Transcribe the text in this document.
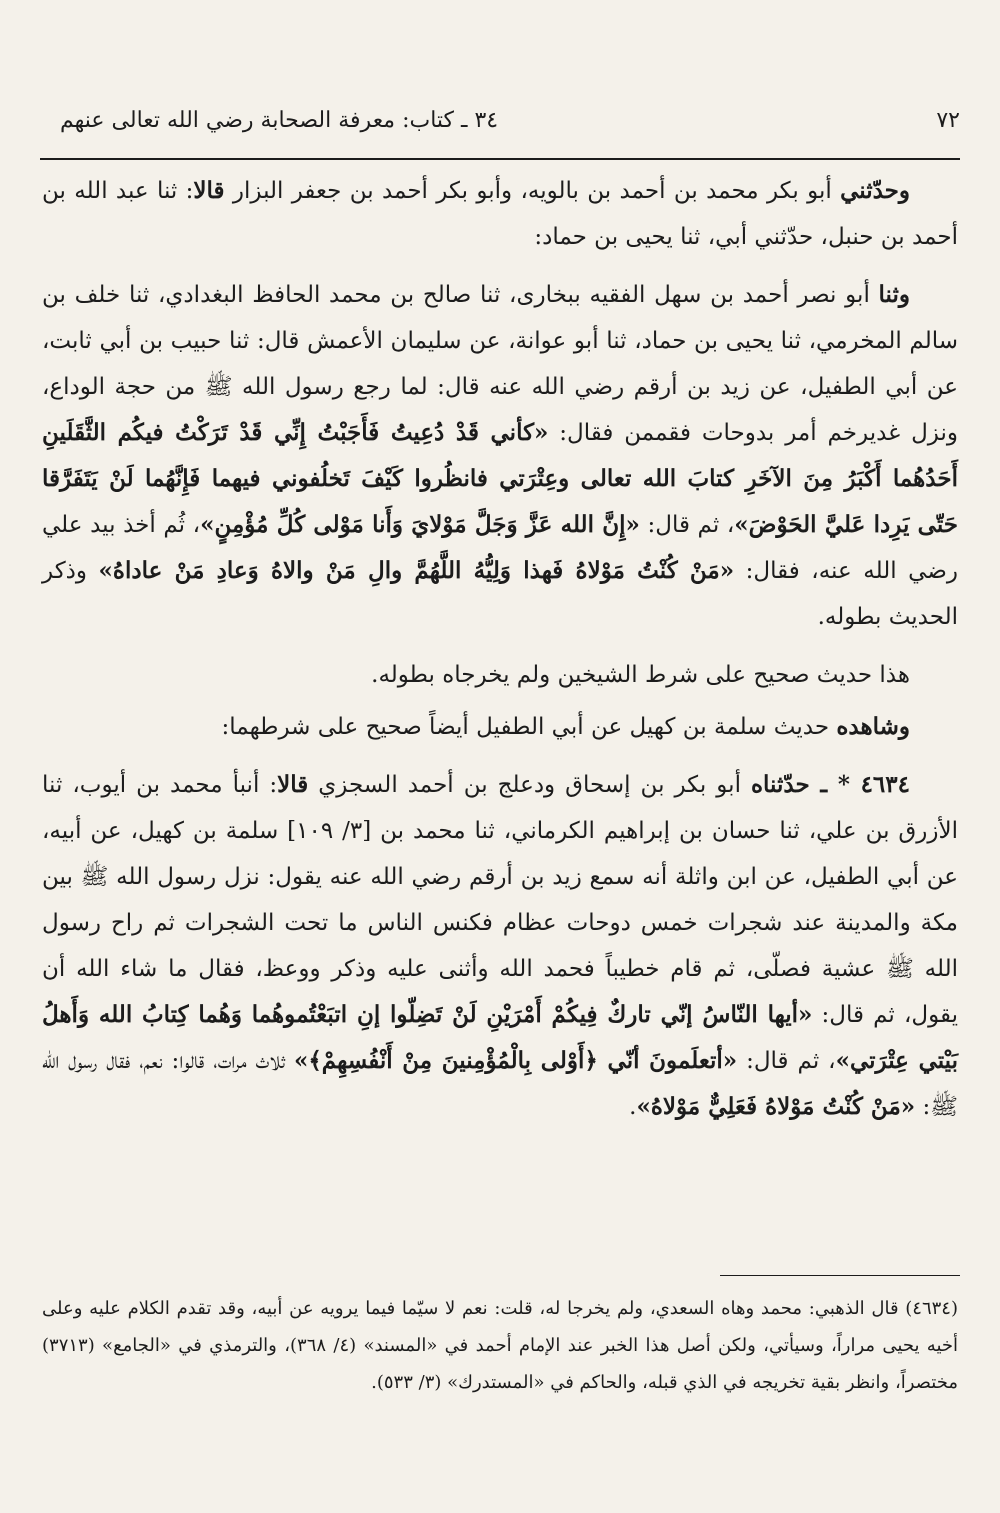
٧٢
٣٤ ـ كتاب: معرفة الصحابة رضي الله تعالى عنهم

وحدّثني أبو بكر محمد بن أحمد بن بالويه، وأبو بكر أحمد بن جعفر البزار قالا: ثنا عبد الله بن أحمد بن حنبل، حدّثني أبي، ثنا يحيى بن حماد:

وثنا أبو نصر أحمد بن سهل الفقيه ببخارى، ثنا صالح بن محمد الحافظ البغدادي، ثنا خلف بن سالم المخرمي، ثنا يحيى بن حماد، ثنا أبو عوانة، عن سليمان الأعمش قال: ثنا حبيب بن أبي ثابت، عن أبي الطفيل، عن زيد بن أرقم رضي الله عنه قال: لما رجع رسول الله ﷺ من حجة الوداع، ونزل غديرخم أمر بدوحات فقممن فقال: «كأني قَدْ دُعِيتُ فَأَجَبْتُ إِنِّي قَدْ تَرَكْتُ فيكُم الثَّقَلَينِ أَحَدُهُما أَكْبَرُ مِنَ الآخَرِ كتابَ الله تعالى وعِتْرَتي فانظُروا كَيْفَ تَخلُفوني فيهما فَإِنَّهُما لَنْ يَتَفَرَّقا حَتّى يَرِدا عَليَّ الحَوْضَ»، ثم قال: «إِنَّ الله عَزَّ وَجَلَّ مَوْلايَ وَأَنا مَوْلى كُلِّ مُؤْمِنٍ»، ثُم أخذ بيد علي رضي الله عنه، فقال: «مَنْ كُنْتُ مَوْلاهُ فَهذا وَلِيُّهُ اللَّهُمَّ والِ مَنْ والاهُ وَعادِ مَنْ عاداهُ» وذكر الحديث بطوله.

هذا حديث صحيح على شرط الشيخين ولم يخرجاه بطوله.

وشاهده حديث سلمة بن كهيل عن أبي الطفيل أيضاً صحيح على شرطهما:

٤٦٣٤ * ـ حدّثناه أبو بكر بن إسحاق ودعلج بن أحمد السجزي قالا: أنبأ محمد بن أيوب، ثنا الأزرق بن علي، ثنا حسان بن إبراهيم الكرماني، ثنا محمد بن [٣/ ١٠٩] سلمة بن كهيل، عن أبيه، عن أبي الطفيل، عن ابن واثلة أنه سمع زيد بن أرقم رضي الله عنه يقول: نزل رسول الله ﷺ بين مكة والمدينة عند شجرات خمس دوحات عظام فكنس الناس ما تحت الشجرات ثم راح رسول الله ﷺ عشية فصلّى، ثم قام خطيباً فحمد الله وأثنى عليه وذكر ووعظ، فقال ما شاء الله أن يقول، ثم قال: «أيها النّاسُ إنّي تاركٌ فِيكُمْ أَمْرَيْنِ لَنْ تَضِلّوا إنِ اتبَعْتُموهُما وَهُما كِتابُ الله وَأَهلُ بَيْتي عِتْرَتي»، ثم قال: «أتعلَمونَ أنّي ﴿أَوْلى بِالْمُؤْمِنينَ مِنْ أَنْفُسِهِمْ﴾» ثلاث مرات، قالوا: نعم، فقال رسول الله ﷺ: «مَنْ كُنْتُ مَوْلاهُ فَعَلِيٌّ مَوْلاهُ».

(٤٦٣٤) قال الذهبي: محمد وهاه السعدي، ولم يخرجا له، قلت: نعم لا سيّما فيما يرويه عن أبيه، وقد تقدم الكلام عليه وعلى أخيه يحيى مراراً، وسيأتي، ولكن أصل هذا الخبر عند الإمام أحمد في «المسند» (٤/ ٣٦٨)، والترمذي في «الجامع» (٣٧١٣) مختصراً، وانظر بقية تخريجه في الذي قبله، والحاكم في «المستدرك» (٣/ ٥٣٣).
